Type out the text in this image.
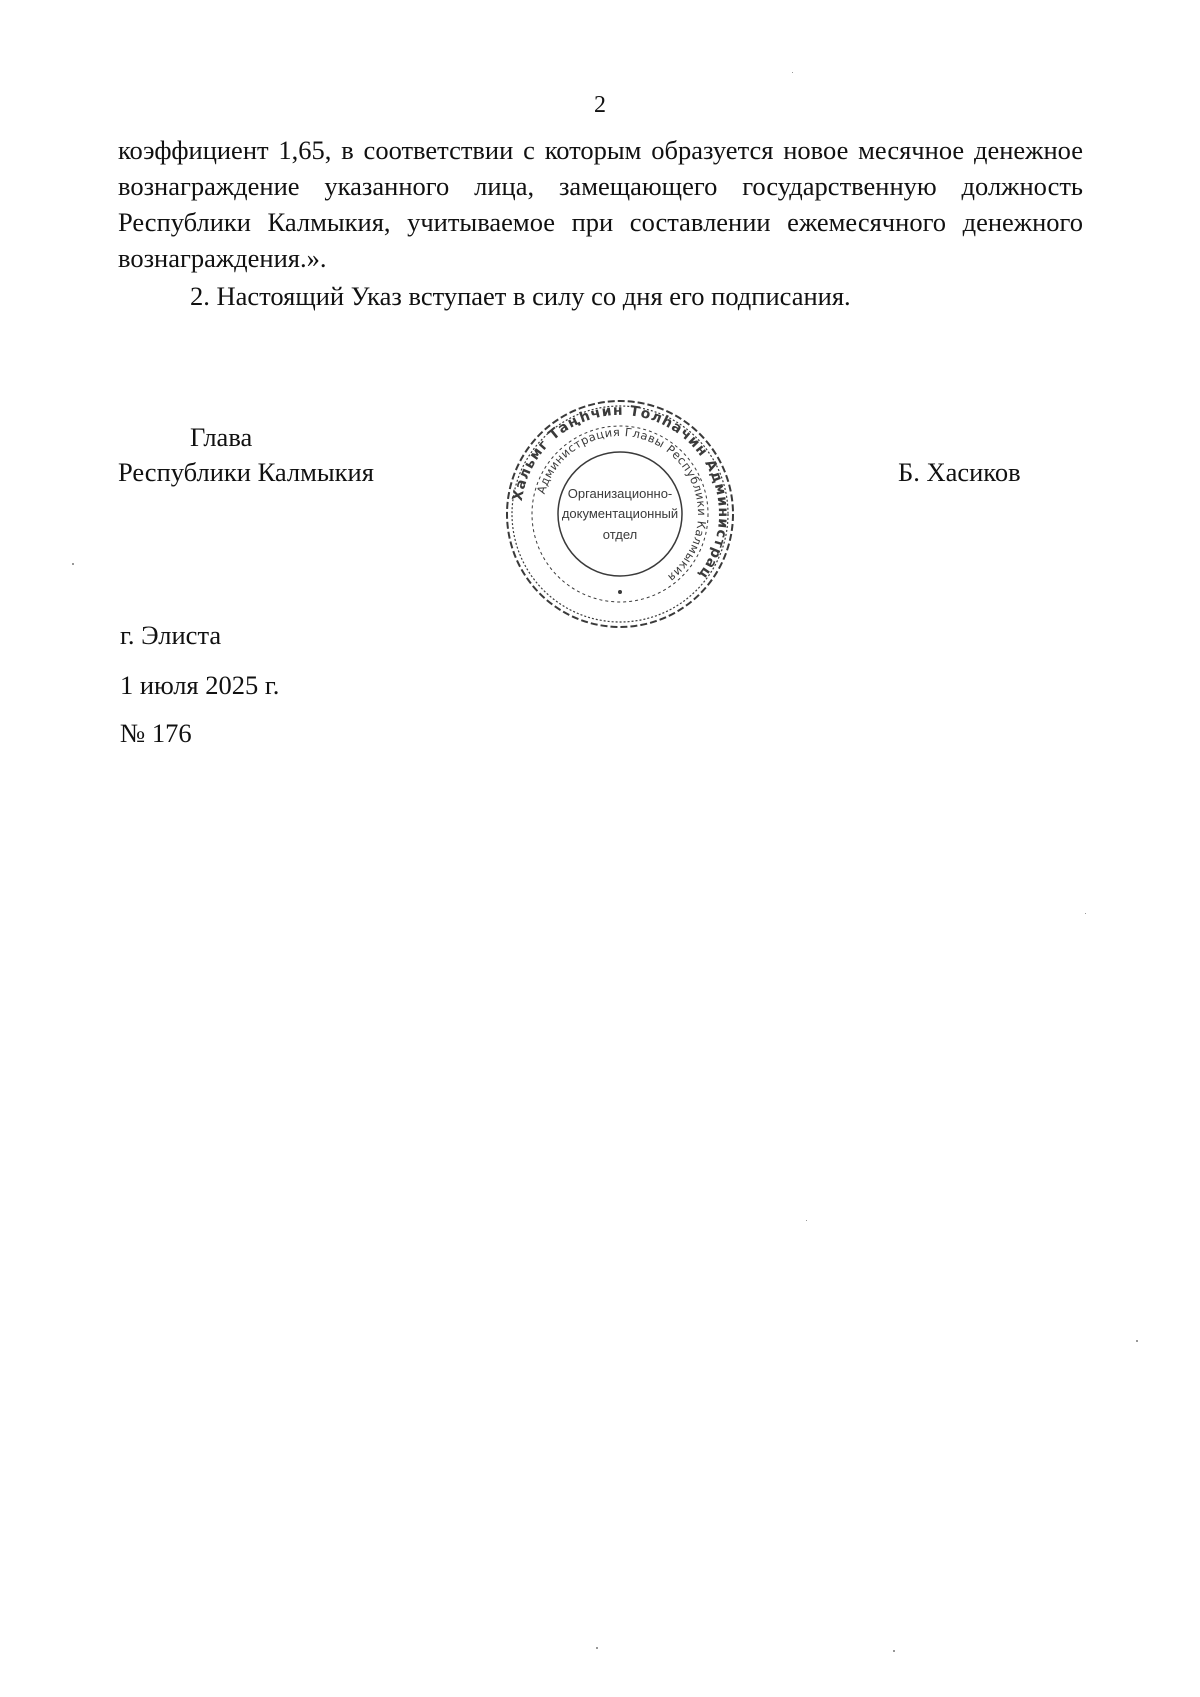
2

коэффициент 1,65, в соответствии с которым образуется новое месячное денежное вознаграждение указанного лица, замещающего государственную должность Республики Калмыкия, учитываемое при составлении ежемесячного денежного вознаграждения.».

2. Настоящий Указ вступает в силу со дня его подписания.

Глава
Республики Калмыкия	Б. Хасиков
Хальмг Таңһчин Толһачин Администрац
Администрация Главы Республики Калмыкия
Организационно-
документационный
отдел
г. Элиста
1 июля 2025 г.
№ 176
